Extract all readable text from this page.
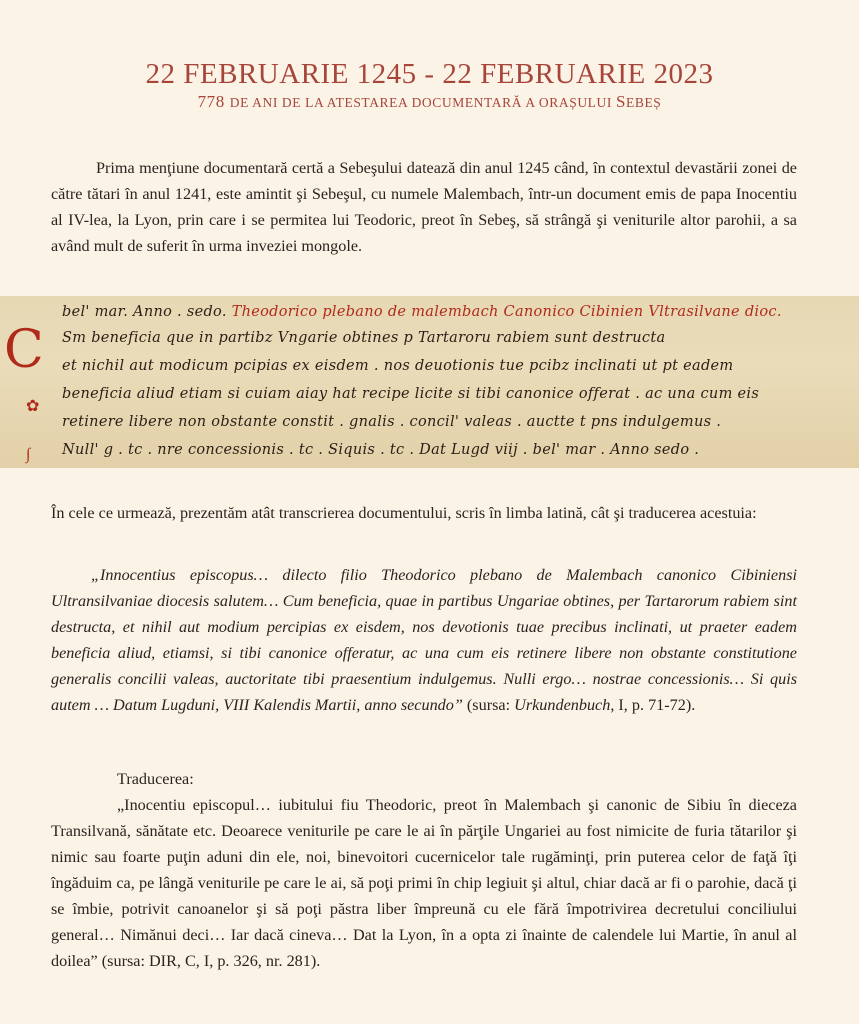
22 FEBRUARIE 1245 - 22 FEBRUARIE 2023
778 DE ANI DE LA ATESTAREA DOCUMENTARĂ A ORAȘULUI SEBEȘ
Prima menţiune documentară certă a Sebeşului datează din anul 1245 când, în contextul devastării zonei de către tătari în anul 1241, este amintit şi Sebeşul, cu numele Malembach, într-un document emis de papa Inocentiu al IV-lea, la Lyon, prin care i se permitea lui Teodoric, preot în Sebeş, să strângă şi veniturile altor parohii, a sa având mult de suferit în urma inveziei mongole.
C
✿
∫
bel' mar. Anno . sedo. Theodorico plebano de malembach Canonico Cibinien Vltrasilvane dioc.
Sm beneficia que in partibz Vngarie obtines p Tartaroru rabiem sunt destructa
et nichil aut modicum pcipias ex eisdem . nos deuotionis tue pcibz inclinati ut pt eadem
beneficia aliud etiam si cuiam aiay hat recipe licite si tibi canonice offerat . ac una cum eis
retinere libere non obstante constit . gnalis . concil' valeas . auctte t pns indulgemus .
Null' g . tc . nre concessionis . tc . Siquis . tc . Dat Lugd viij . bel' mar . Anno sedo .
În cele ce urmează, prezentăm atât transcrierea documentului, scris în limba latină, cât şi traducerea acestuia:
„Innocentius episcopus… dilecto filio Theodorico plebano de Malembach canonico Cibiniensi Ultransilvaniae diocesis salutem… Cum beneficia, quae in partibus Ungariae obtines, per Tartarorum rabiem sint destructa, et nihil aut modium percipias ex eisdem, nos devotionis tuae precibus inclinati, ut praeter eadem beneficia aliud, etiamsi, si tibi canonice offeratur, ac una cum eis retinere libere non obstante constitutione generalis concilii valeas, auctoritate tibi praesentium indulgemus. Nulli ergo… nostrae concessionis… Si quis autem … Datum Lugduni, VIII Kalendis Martii, anno secundo” (sursa: Urkundenbuch, I, p. 71-72).
Traducerea:
„Inocentiu episcopul… iubitului fiu Theodoric, preot în Malembach şi canonic de Sibiu în dieceza Transilvană, sănătate etc. Deoarece veniturile pe care le ai în părţile Ungariei au fost nimicite de furia tătarilor şi nimic sau foarte puţin aduni din ele, noi, binevoitori cucernicelor tale rugăminţi, prin puterea celor de faţă îţi îngăduim ca, pe lângă veniturile pe care le ai, să poţi primi în chip legiuit şi altul, chiar dacă ar fi o parohie, dacă ţi se îmbie, potrivit canoanelor şi să poţi păstra liber împreună cu ele fără împotrivirea decretului conciliului general… Nimănui deci… Iar dacă cineva… Dat la Lyon, în a opta zi înainte de calendele lui Martie, în anul al doilea” (sursa: DIR, C, I, p. 326, nr. 281).
